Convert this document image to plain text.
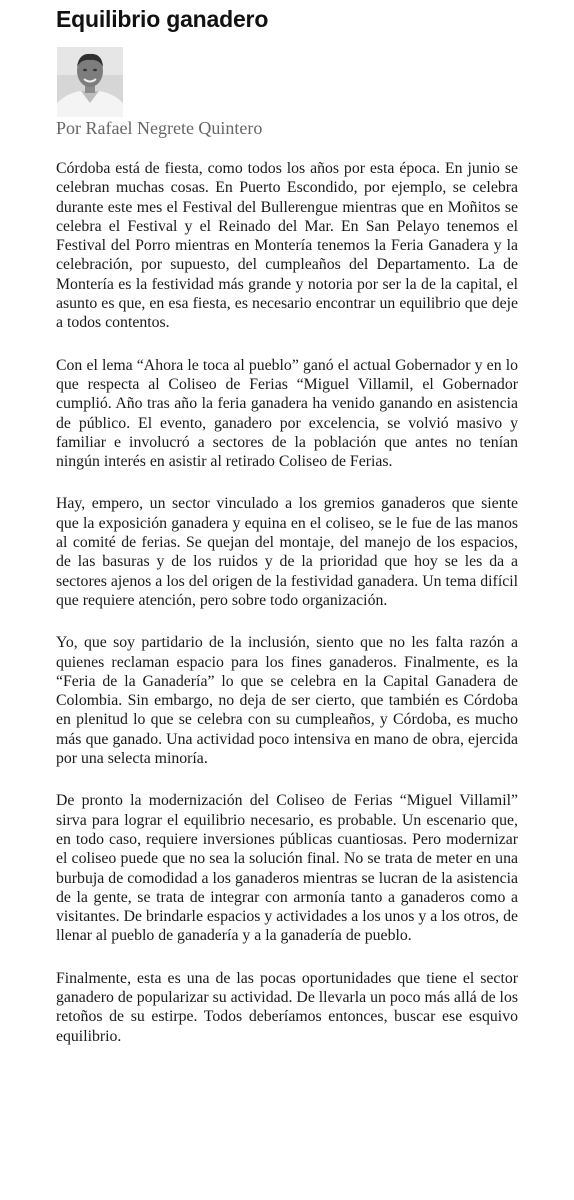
Equilibrio ganadero
Por Rafael Negrete Quintero

Córdoba está de fiesta, como todos los años por esta época. En junio se celebran muchas cosas. En Puerto Escondido, por ejemplo, se celebra durante este mes el Festival del Bullerengue mientras que en Moñitos se celebra el Festival y el Reinado del Mar. En San Pelayo tenemos el Festival del Porro mientras en Montería tenemos la Feria Ganadera y la celebración, por supuesto, del cumpleaños del Departamento. La de Montería es la festividad más grande y notoria por ser la de la capital, el asunto es que, en esa fiesta, es necesario encontrar un equilibrio que deje a todos contentos.

Con el lema “Ahora le toca al pueblo” ganó el actual Gobernador y en lo que respecta al Coliseo de Ferias “Miguel Villamil, el Gobernador cumplió. Año tras año la feria ganadera ha venido ganando en asistencia de público. El evento, ganadero por excelencia, se volvió masivo y familiar e involucró a sectores de la población que antes no tenían ningún interés en asistir al retirado Coliseo de Ferias.

Hay, empero, un sector vinculado a los gremios ganaderos que siente que la exposición ganadera y equina en el coliseo, se le fue de las manos al comité de ferias. Se quejan del montaje, del manejo de los espacios, de las basuras y de los ruidos y de la prioridad que hoy se les da a sectores ajenos a los del origen de la festividad ganadera. Un tema difícil que requiere atención, pero sobre todo organización.

Yo, que soy partidario de la inclusión, siento que no les falta razón a quienes reclaman espacio para los fines ganaderos. Finalmente, es la “Feria de la Ganadería” lo que se celebra en la Capital Ganadera de Colombia. Sin embargo, no deja de ser cierto, que también es Córdoba en plenitud lo que se celebra con su cumpleaños, y Córdoba, es mucho más que ganado. Una actividad poco intensiva en mano de obra, ejercida por una selecta minoría.

De pronto la modernización del Coliseo de Ferias “Miguel Villamil” sirva para lograr el equilibrio necesario, es probable. Un escenario que, en todo caso, requiere inversiones públicas cuantiosas. Pero modernizar el coliseo puede que no sea la solución final. No se trata de meter en una burbuja de comodidad a los ganaderos mientras se lucran de la asistencia de la gente, se trata de integrar con armonía tanto a ganaderos como a visitantes. De brindarle espacios y actividades a los unos y a los otros, de llenar al pueblo de ganadería y a la ganadería de pueblo.

Finalmente, esta es una de las pocas oportunidades que tiene el sector ganadero de popularizar su actividad. De llevarla un poco más allá de los retoños de su estirpe. Todos deberíamos entonces, buscar ese esquivo equilibrio.
